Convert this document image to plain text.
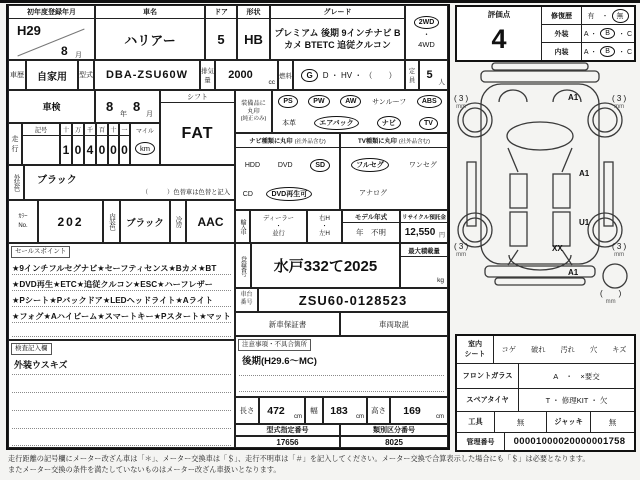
初年度登録年月
H29
8 月
車名
ハリアー
ドア
5
形状
HB
グレード
プレミアム 後期 9インチナビ Bカメ BTETC 追従クルコン
2WD
・
4WD
車歴	自家用	型式	DBA-ZSU60W	排気量	2000
cc
燃料	G	D ・ HV ・ （　　）	定員	5
人
車検	8
年
8
月
シフト
FAT
走行
記号	十
1
万
0
千
4
百
0
十
0
一
0
マイル
km
装備品に
丸印
(純正のみ)
PS	PW	AW	サンルーフ	ABS
本革	エアバック	ナビ	TV
ナビ種類に丸印 (社外品含む)
HDD	DVD	SD
CD	DVD再生可
TV種類に丸印 (社外品含む)
フルセグ	ワンセグ
アナログ
外装色	ブラック
（　　　）色替車は色替と記入
ｶﾗｰ
No.	202	内装色	ブラック	冷房	AAC	輸入車
ディーラー
・
並行
右H
・
左H
モデル年式
年　不明
リサイクル預託金
12,550 円
登録番号	水戸332て2025
最大積載量
kg
車台
番号	ZSU60-0128523
新車保証書	車両取説
注意事項・不具合箇所
後期(H29.6～MC)
長さ	472
cm
幅	183
cm
高さ	169
cm
型式指定番号	類別区分番号
17656	8025
セールスポイント
★9インチフルセグナビ★セーフティセンス★Bカメ★BT
★DVD再生★ETC★追従クルコン★ESC★ハーフレザー
★Pシート★Pバックドア★LEDヘッドライト★Aライト
★フォグ★Aハイビーム★スマートキー★Pスタート★マット
検査記入欄
外装ウスキズ
評価点
4
修復歴	有　・	無
外装	A ・	B	・ C
内装	A ・	B	・ C
A1
A1
U1
XX
A1
( 3 )
mm
( 3 )
mm
( 3 )
mm
( 3 )
mm
(　　)
mm
室内
シート
コゲ 破れ 汚れ 穴 キズ
フロントガラス	A　・　×要交
スペアタイヤ	T ・ 修理KIT ・ 欠
工具	無	ジャッキ	無
管理番号	00001000020000001758
走行距離の記号欄にメーター改ざん車は「＊」、メーター交換車は「＄」、走行不明車は「＃」を記入してください。メーター交換で合算表示した場合にも「＄」は必要となります。
またメーター交換の条件を満たしていないものはメーター改ざん車扱いとなります。
